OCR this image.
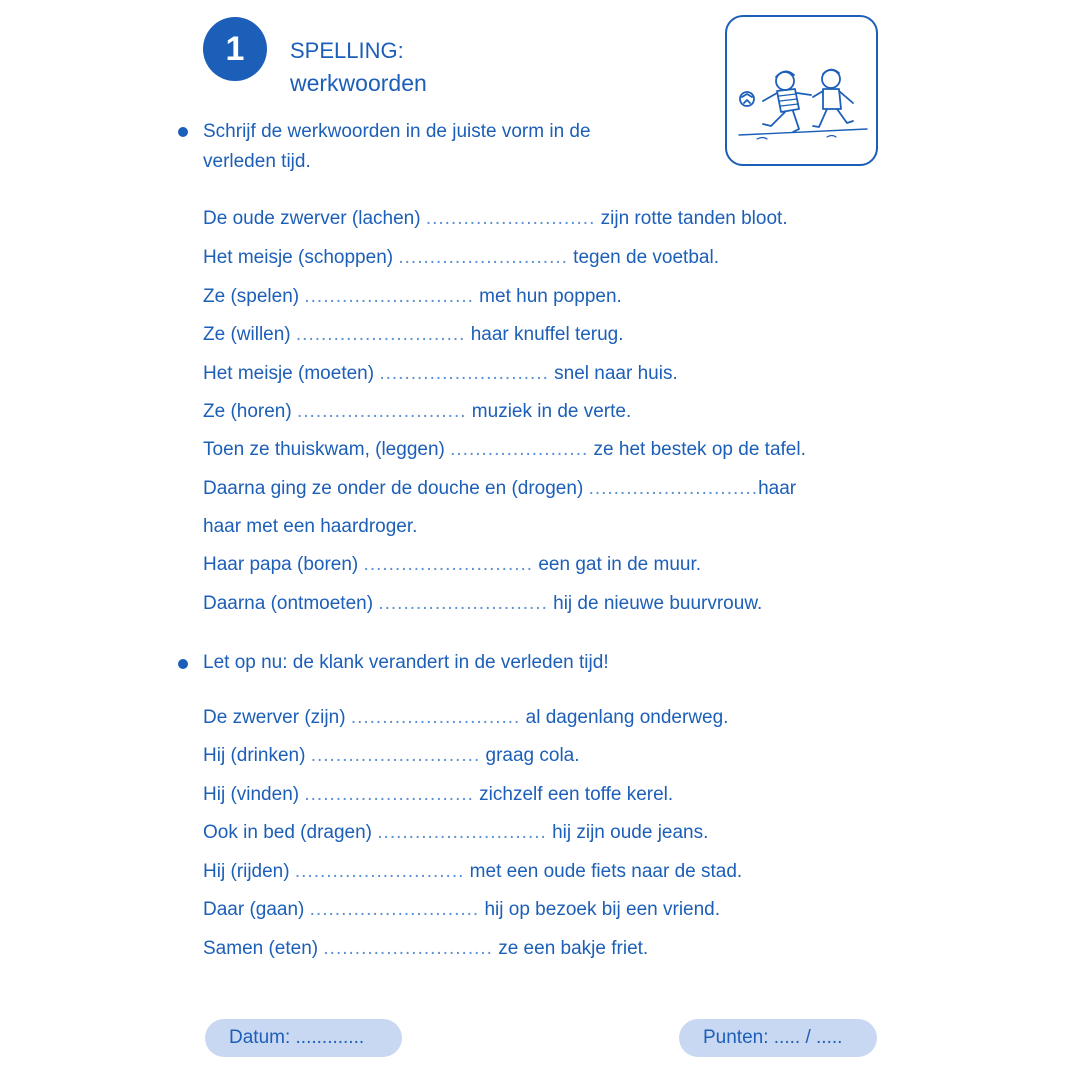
1	SPELLING:
werkwoorden
Schrijf de werkwoorden in de juiste vorm in de
verleden tijd.
De oude zwerver (lachen) ........................... zijn rotte tanden bloot.
Het meisje (schoppen) ........................... tegen de voetbal.
Ze (spelen) ........................... met hun poppen.
Ze (willen) ........................... haar knuffel terug.
Het meisje (moeten) ........................... snel naar huis.
Ze (horen) ........................... muziek in de verte.
Toen ze thuiskwam, (leggen) ...................... ze het bestek op de tafel.
Daarna ging ze onder de douche en (drogen) ...........................haar
haar met een haardroger.
Haar papa (boren) ........................... een gat in de muur.
Daarna (ontmoeten) ........................... hij de nieuwe buurvrouw.
Let op nu: de klank verandert in de verleden tijd!
De zwerver (zijn) ........................... al dagenlang onderweg.
Hij (drinken) ........................... graag cola.
Hij (vinden) ........................... zichzelf een toffe kerel.
Ook in bed (dragen) ........................... hij zijn oude jeans.
Hij (rijden) ........................... met een oude fiets naar de stad.
Daar (gaan) ........................... hij op bezoek bij een vriend.
Samen (eten) ........................... ze een bakje friet.
Datum: .............	Punten: ..... / .....
